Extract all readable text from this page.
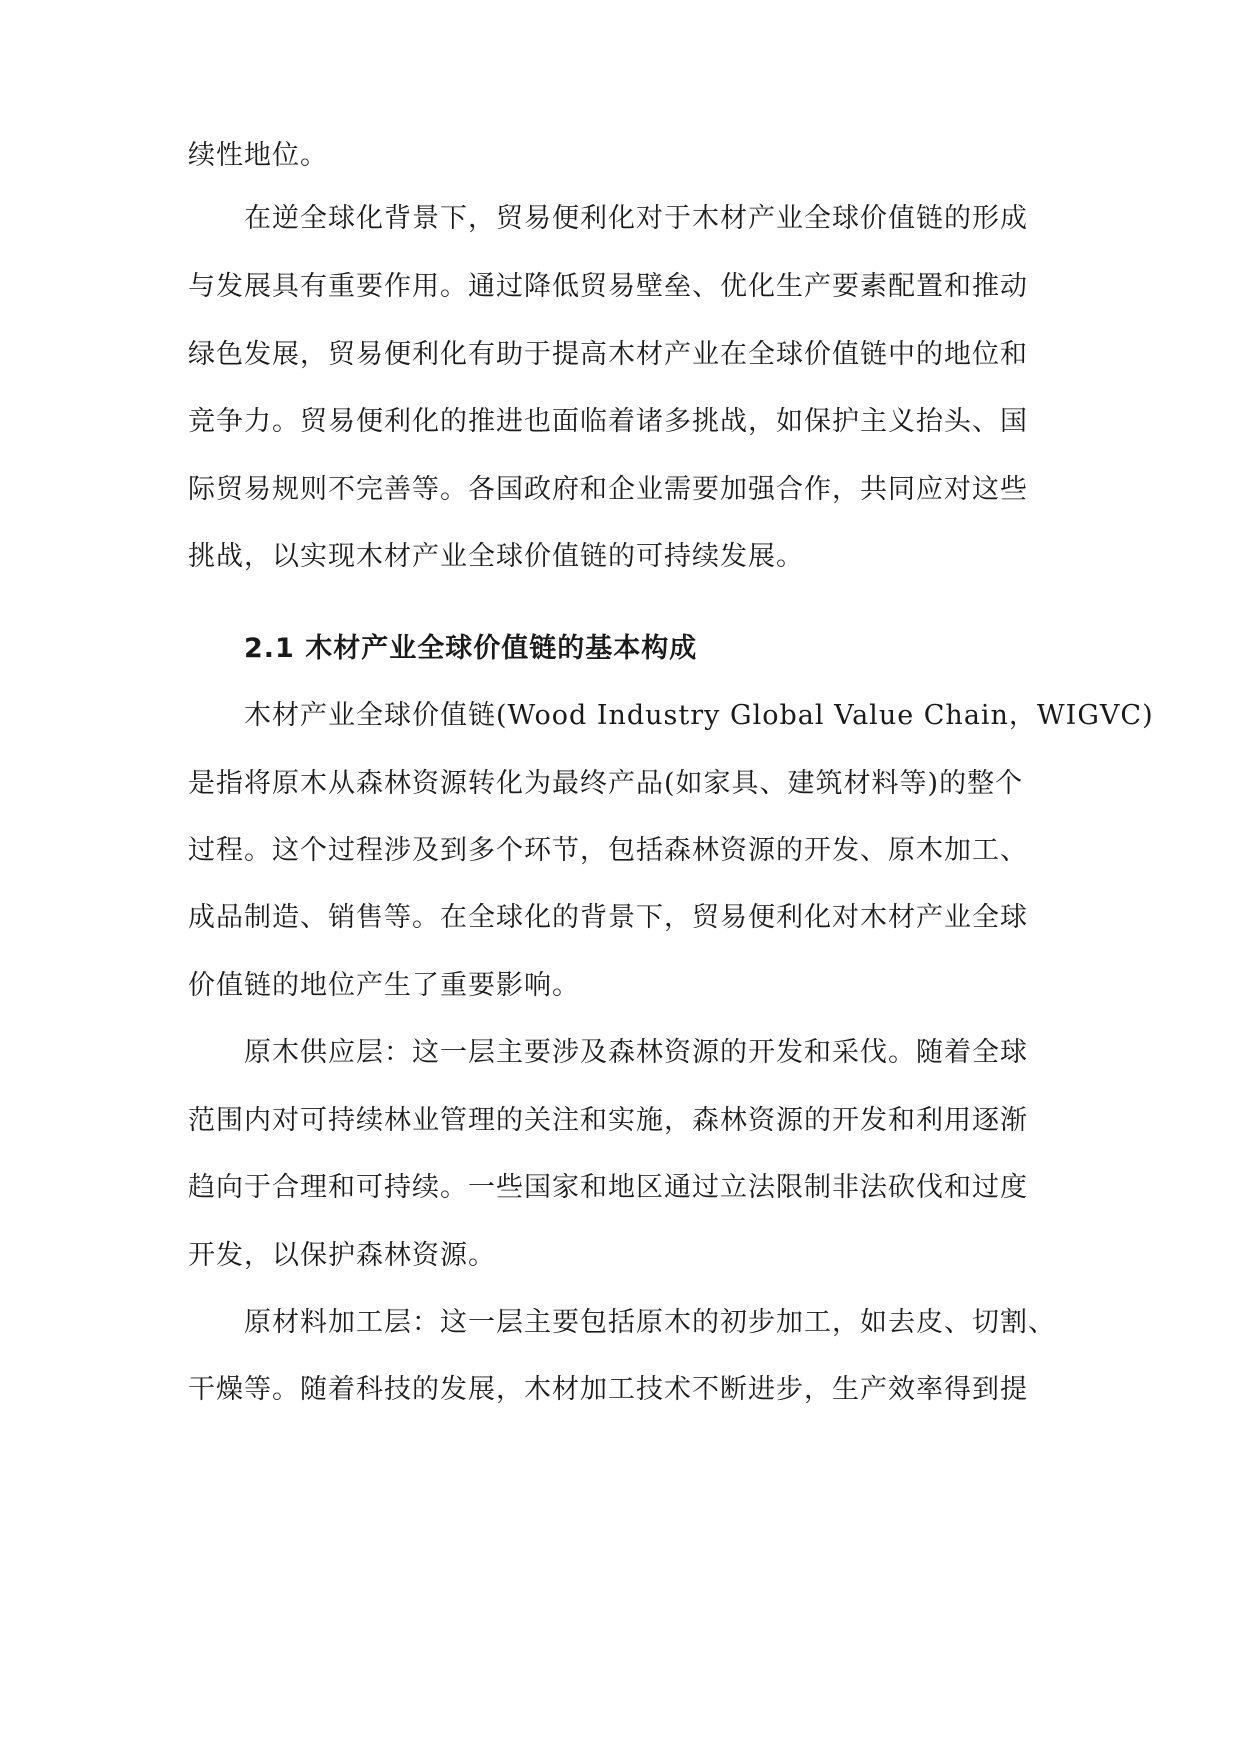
续性地位。
在逆全球化背景下，贸易便利化对于木材产业全球价值链的形成
与发展具有重要作用。通过降低贸易壁垒、优化生产要素配置和推动
绿色发展，贸易便利化有助于提高木材产业在全球价值链中的地位和
竞争力。贸易便利化的推进也面临着诸多挑战，如保护主义抬头、国
际贸易规则不完善等。各国政府和企业需要加强合作，共同应对这些
挑战，以实现木材产业全球价值链的可持续发展。
2.1 木材产业全球价值链的基本构成
木材产业全球价值链(Wood Industry Global Value Chain，WIGVC)
是指将原木从森林资源转化为最终产品(如家具、建筑材料等)的整个
过程。这个过程涉及到多个环节，包括森林资源的开发、原木加工、
成品制造、销售等。在全球化的背景下，贸易便利化对木材产业全球
价值链的地位产生了重要影响。
原木供应层：这一层主要涉及森林资源的开发和采伐。随着全球
范围内对可持续林业管理的关注和实施，森林资源的开发和利用逐渐
趋向于合理和可持续。一些国家和地区通过立法限制非法砍伐和过度
开发，以保护森林资源。
原材料加工层：这一层主要包括原木的初步加工，如去皮、切割、
干燥等。随着科技的发展，木材加工技术不断进步，生产效率得到提
